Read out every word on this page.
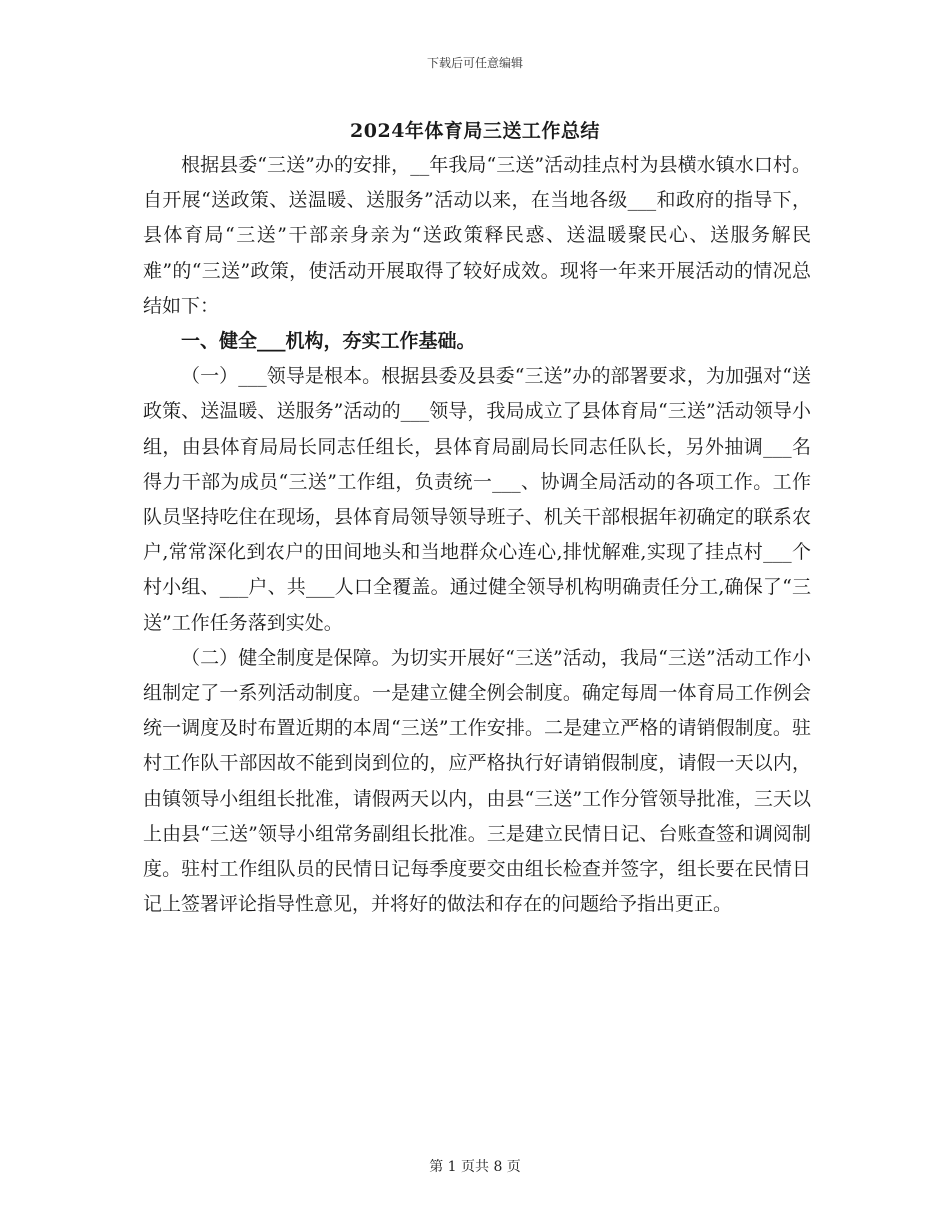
下载后可任意编辑
2024年体育局三送工作总结

根据县委“三送”办的安排，__年我局“三送”活动挂点村为县横水镇水口村。自开展“送政策、送温暖、送服务”活动以来，在当地各级___和政府的指导下，县体育局“三送”干部亲身亲为“送政策释民惑、送温暖聚民心、送服务解民难”的“三送”政策，使活动开展取得了较好成效。现将一年来开展活动的情况总结如下：

一、健全___机构，夯实工作基础。

（一）___领导是根本。根据县委及县委“三送”办的部署要求，为加强对“送政策、送温暖、送服务”活动的___领导，我局成立了县体育局“三送”活动领导小组，由县体育局局长同志任组长，县体育局副局长同志任队长，另外抽调___名得力干部为成员“三送”工作组，负责统一___、协调全局活动的各项工作。工作队员坚持吃住在现场，县体育局领导领导班子、机关干部根据年初确定的联系农户,常常深化到农户的田间地头和当地群众心连心,排忧解难,实现了挂点村___个村小组、___户、共___人口全覆盖。通过健全领导机构明确责任分工,确保了“三送”工作任务落到实处。

（二）健全制度是保障。为切实开展好“三送”活动，我局“三送”活动工作小组制定了一系列活动制度。一是建立健全例会制度。确定每周一体育局工作例会统一调度及时布置近期的本周“三送”工作安排。二是建立严格的请销假制度。驻村工作队干部因故不能到岗到位的，应严格执行好请销假制度，请假一天以内，由镇领导小组组长批准，请假两天以内，由县“三送”工作分管领导批准，三天以上由县“三送”领导小组常务副组长批准。三是建立民情日记、台账查签和调阅制度。驻村工作组队员的民情日记每季度要交由组长检查并签字，组长要在民情日记上签署评论指导性意见，并将好的做法和存在的问题给予指出更正。

第 1 页共 8 页
